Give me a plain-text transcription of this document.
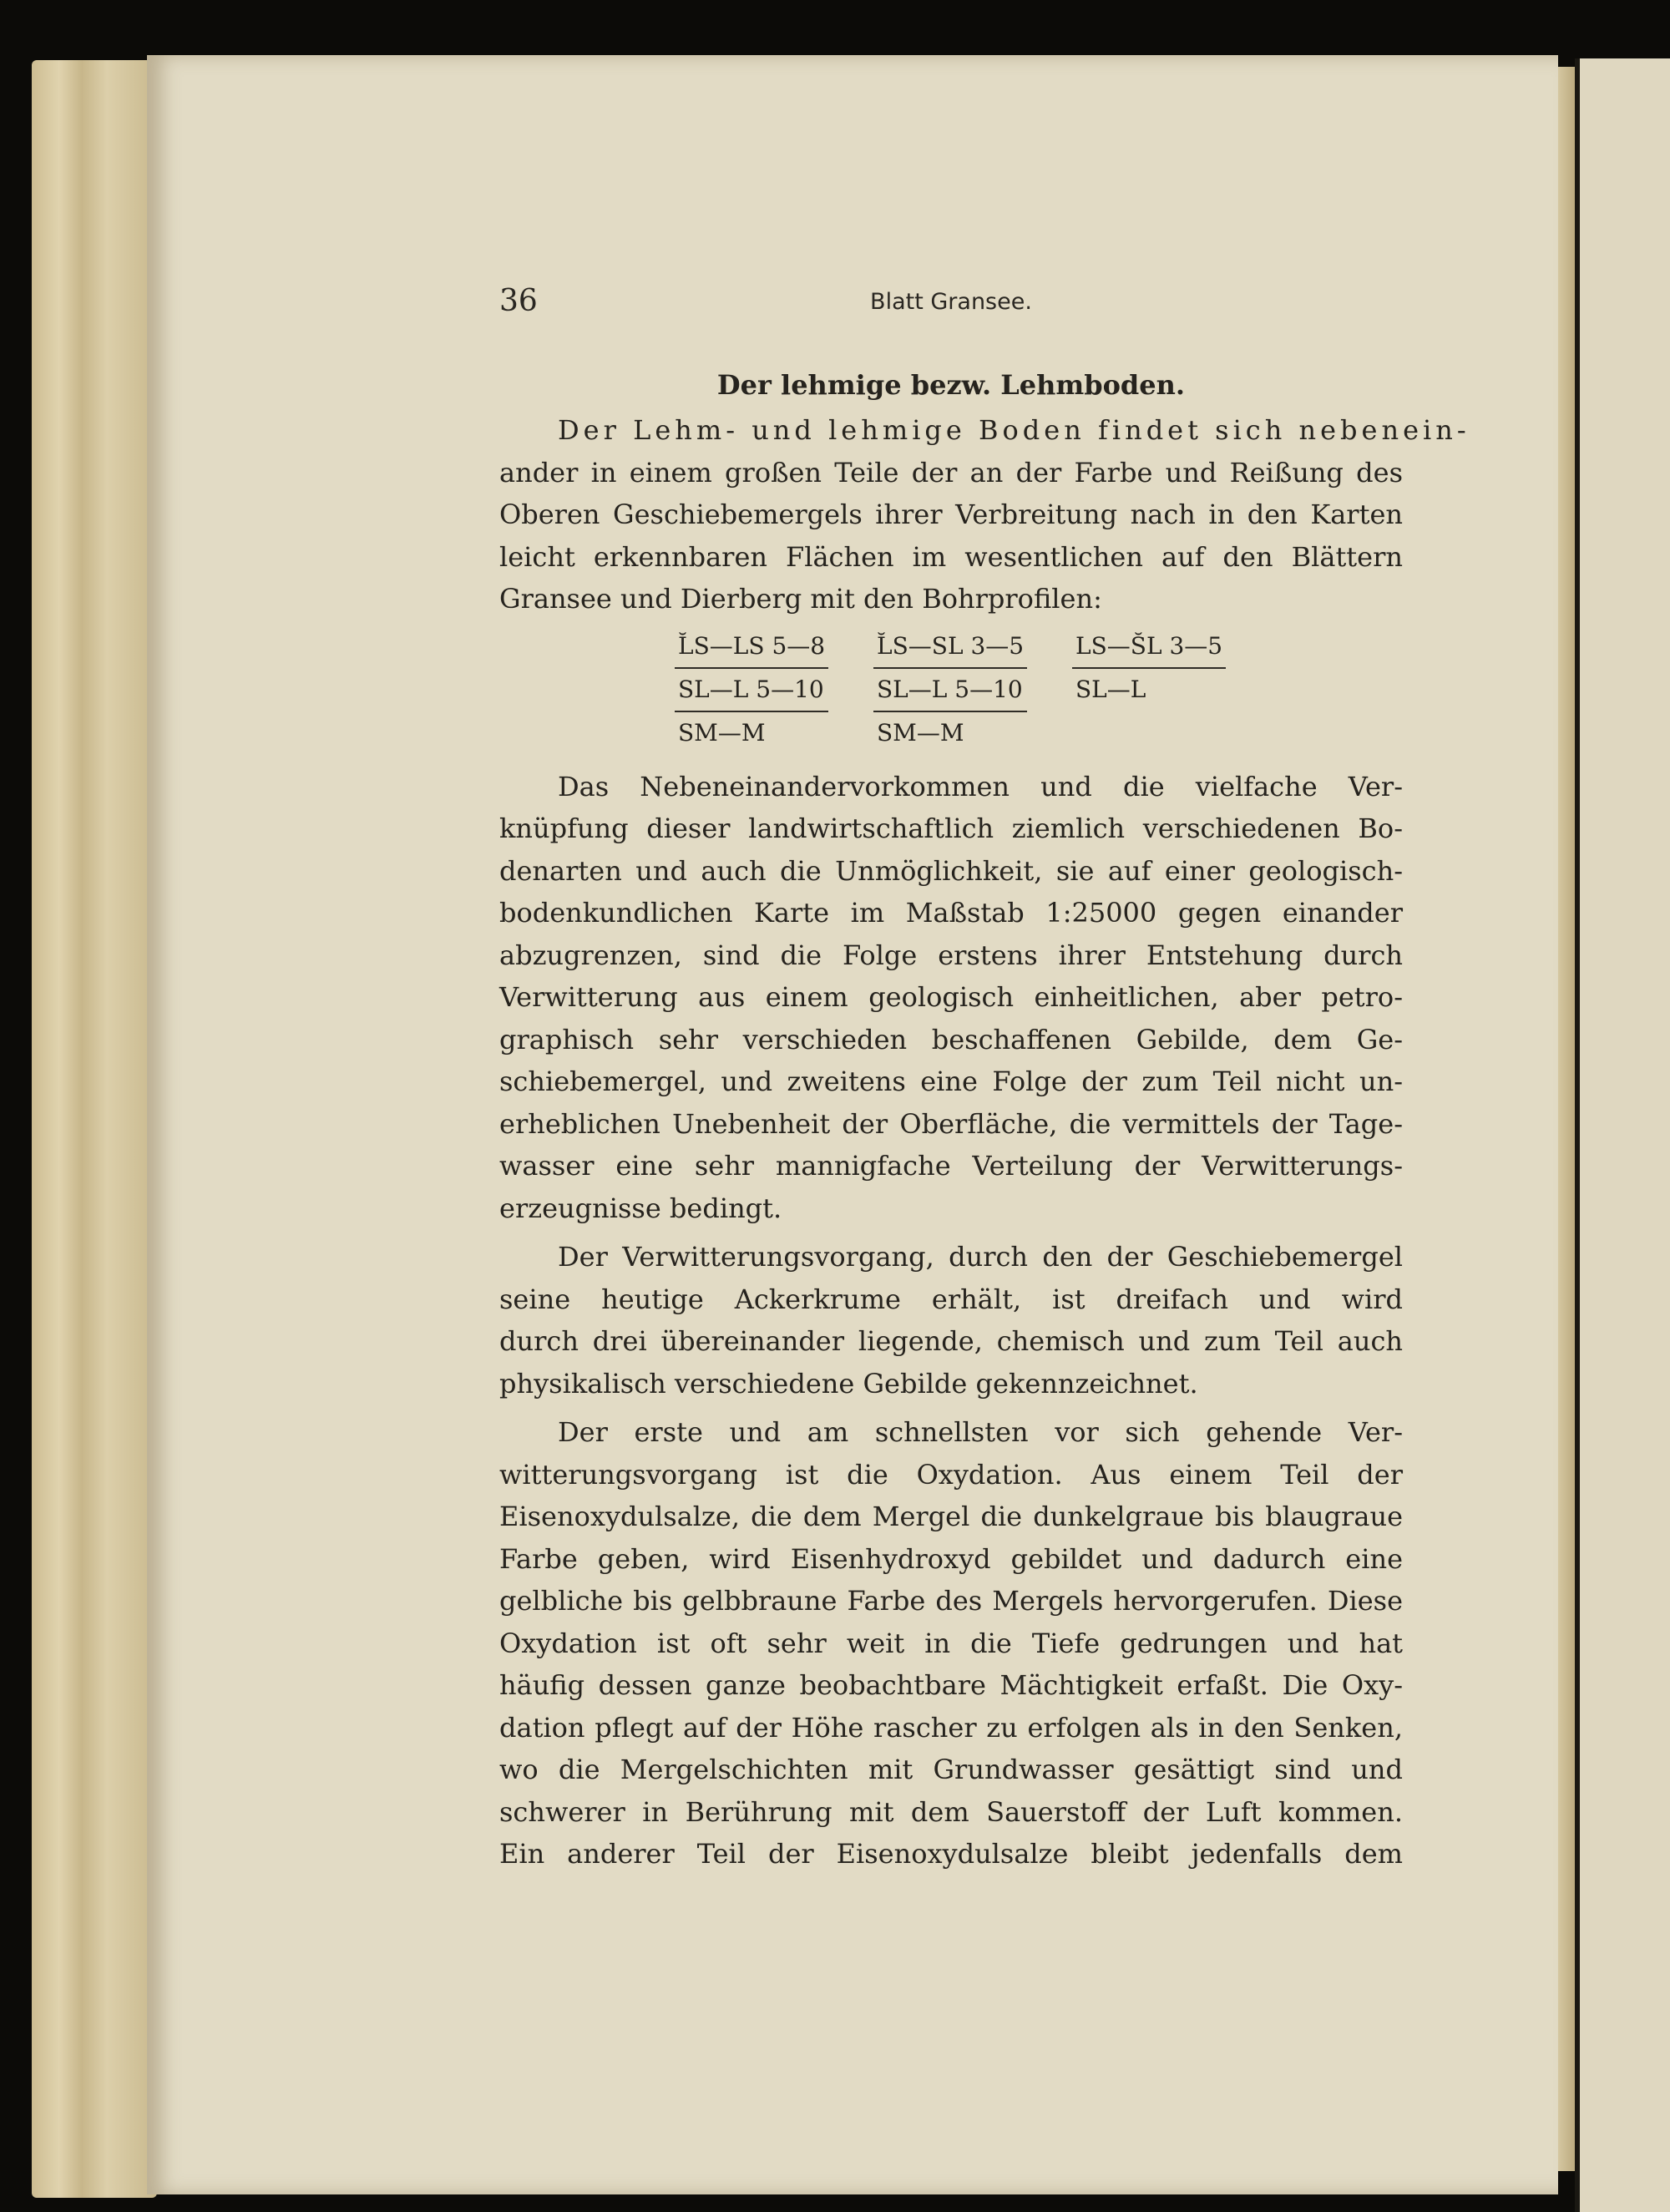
36	Blatt Gransee.
Der lehmige bezw. Lehmboden.
Der Lehm- und lehmige Boden findet sich nebenein-
ander in einem großen Teile der an der Farbe und Reißung des
Oberen Geschiebemergels ihrer Verbreitung nach in den Karten
leicht erkennbaren Flächen im wesentlichen auf den Blättern
Gransee und Dierberg mit den Bohrprofilen:
L̆S—LS 5—8
SL—L 5—10
SM—M
L̆S—SL 3—5
SL—L 5—10
SM—M
LS—S̆L 3—5
SL—L
Das Nebeneinandervorkommen und die vielfache Ver-
knüpfung dieser landwirtschaftlich ziemlich verschiedenen Bo-
denarten und auch die Unmöglichkeit, sie auf einer geologisch-
bodenkundlichen Karte im Maßstab 1:25000 gegen einander
abzugrenzen, sind die Folge erstens ihrer Entstehung durch
Verwitterung aus einem geologisch einheitlichen, aber petro-
graphisch sehr verschieden beschaffenen Gebilde, dem Ge-
schiebemergel, und zweitens eine Folge der zum Teil nicht un-
erheblichen Unebenheit der Oberfläche, die vermittels der Tage-
wasser eine sehr mannigfache Verteilung der Verwitterungs-
erzeugnisse bedingt.
Der Verwitterungsvorgang, durch den der Geschiebemergel
seine heutige Ackerkrume erhält, ist dreifach und wird
durch drei übereinander liegende, chemisch und zum Teil auch
physikalisch verschiedene Gebilde gekennzeichnet.
Der erste und am schnellsten vor sich gehende Ver-
witterungsvorgang ist die Oxydation. Aus einem Teil der
Eisenoxydulsalze, die dem Mergel die dunkelgraue bis blaugraue
Farbe geben, wird Eisenhydroxyd gebildet und dadurch eine
gelbliche bis gelbbraune Farbe des Mergels hervorgerufen. Diese
Oxydation ist oft sehr weit in die Tiefe gedrungen und hat
häufig dessen ganze beobachtbare Mächtigkeit erfaßt. Die Oxy-
dation pflegt auf der Höhe rascher zu erfolgen als in den Senken,
wo die Mergelschichten mit Grundwasser gesättigt sind und
schwerer in Berührung mit dem Sauerstoff der Luft kommen.
Ein anderer Teil der Eisenoxydulsalze bleibt jedenfalls dem
